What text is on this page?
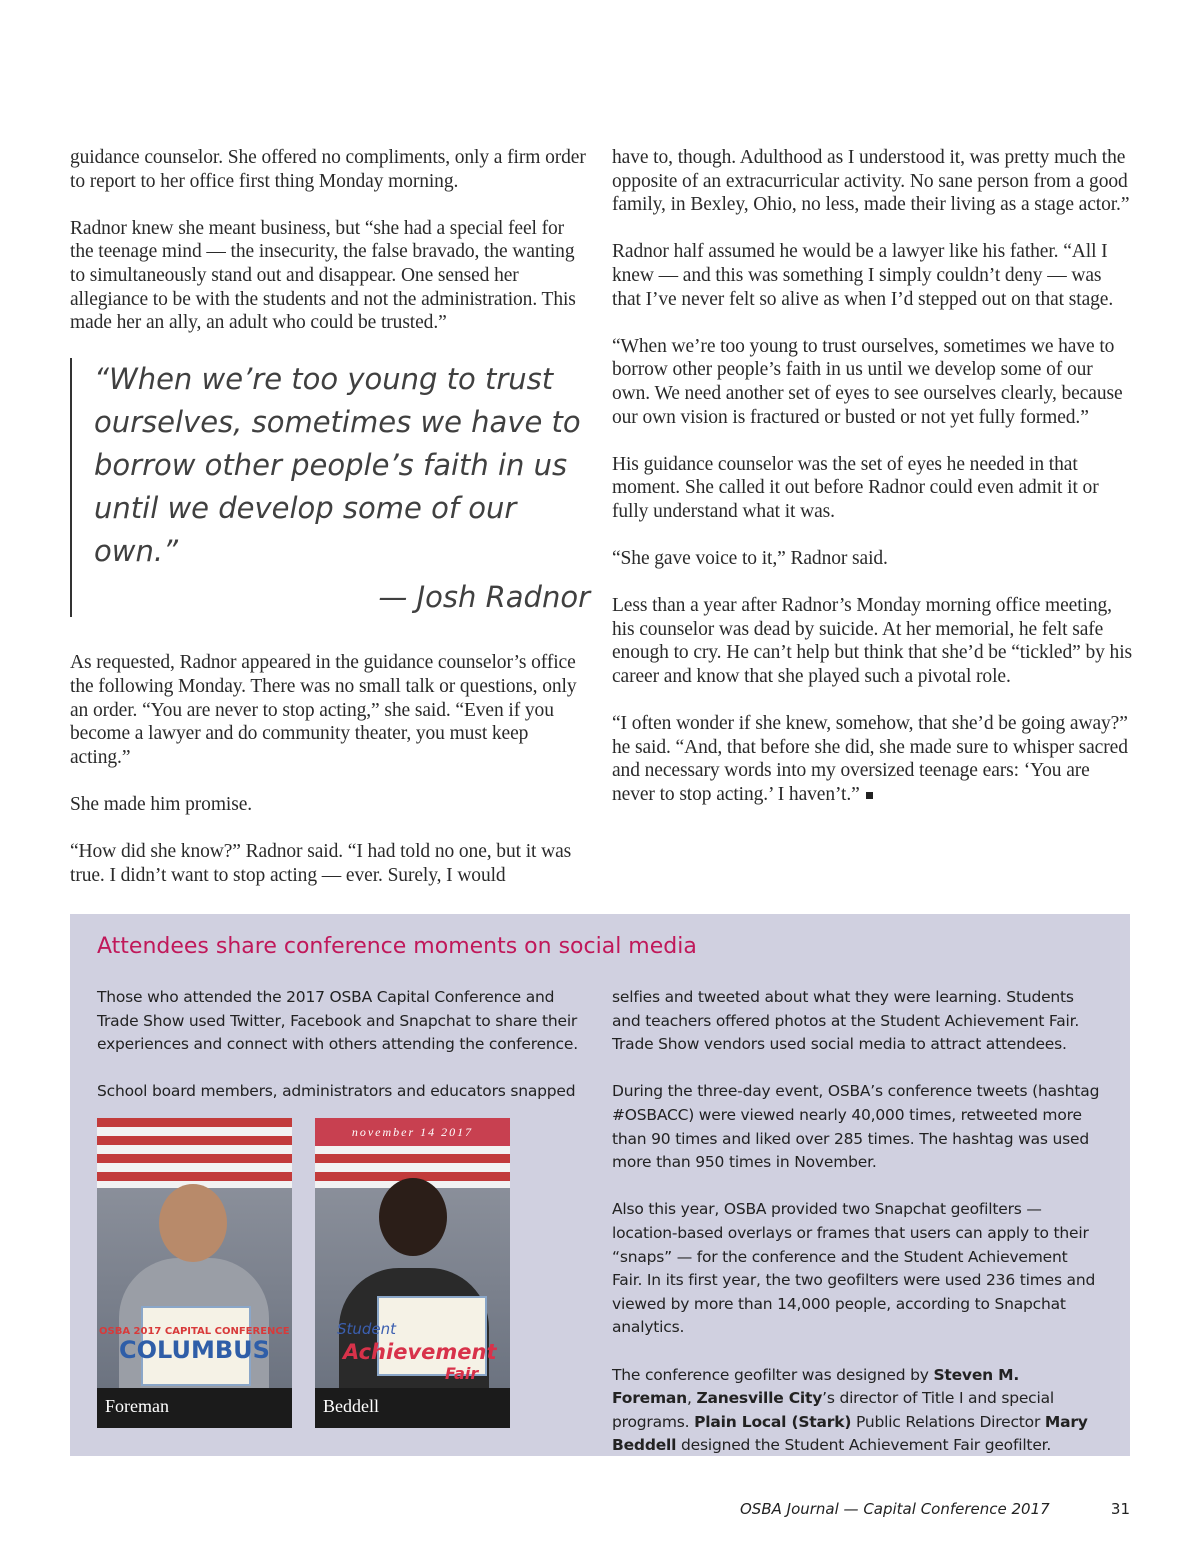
guidance counselor. She offered no compliments, only a firm order to report to her office first thing Monday morning.

Radnor knew she meant business, but “she had a special feel for the teenage mind — the insecurity, the false bravado, the wanting to simultaneously stand out and disappear. One sensed her allegiance to be with the students and not the administration. This made her an ally, an adult who could be trusted.”

“When we’re too young to trust ourselves, sometimes we have to borrow other people’s faith in us until we develop some of our own.”
— Josh Radnor

As requested, Radnor appeared in the guidance counselor’s office the following Monday. There was no small talk or questions, only an order. “You are never to stop acting,” she said. “Even if you become a lawyer and do community theater, you must keep acting.”

She made him promise.

“How did she know?” Radnor said. “I had told no one, but it was true. I didn’t want to stop acting — ever. Surely, I would

have to, though. Adulthood as I understood it, was pretty much the opposite of an extracurricular activity. No sane person from a good family, in Bexley, Ohio, no less, made their living as a stage actor.”

Radnor half assumed he would be a lawyer like his father. “All I knew — and this was something I simply couldn’t deny — was that I’ve never felt so alive as when I’d stepped out on that stage.

“When we’re too young to trust ourselves, sometimes we have to borrow other people’s faith in us until we develop some of our own. We need another set of eyes to see ourselves clearly, because our own vision is fractured or busted or not yet fully formed.”

His guidance counselor was the set of eyes he needed in that moment. She called it out before Radnor could even admit it or fully understand what it was.

“She gave voice to it,” Radnor said.

Less than a year after Radnor’s Monday morning office meeting, his counselor was dead by suicide. At her memorial, he felt safe enough to cry. He can’t help but think that she’d be “tickled” by his career and know that she played such a pivotal role.

“I often wonder if she knew, somehow, that she’d be going away?” he said. “And, that before she did, she made sure to whisper sacred and necessary words into my oversized teenage ears: ‘You are never to stop acting.’ I haven’t.”

Attendees share conference moments on social media

Those who attended the 2017 OSBA Capital Conference and Trade Show used Twitter, Facebook and Snapchat to share their experiences and connect with others attending the conference.

School board members, administrators and educators snapped

OSBA 2017 CAPITAL CONFERENCE
COLUMBUS
Foreman
november 14 2017
Student
Achievement
Fair
Beddell

selfies and tweeted about what they were learning. Students and teachers offered photos at the Student Achievement Fair. Trade Show vendors used social media to attract attendees.

During the three-day event, OSBA’s conference tweets (hashtag #OSBACC) were viewed nearly 40,000 times, retweeted more than 90 times and liked over 285 times. The hashtag was used more than 950 times in November.

Also this year, OSBA provided two Snapchat geofilters — location-based overlays or frames that users can apply to their “snaps” — for the conference and the Student Achievement Fair. In its first year, the two geofilters were used 236 times and viewed by more than 14,000 people, according to Snapchat analytics.

The conference geofilter was designed by Steven M. Foreman, Zanesville City’s director of Title I and special programs. Plain Local (Stark) Public Relations Director Mary Beddell designed the Student Achievement Fair geofilter.

OSBA Journal — Capital Conference 2017	31
